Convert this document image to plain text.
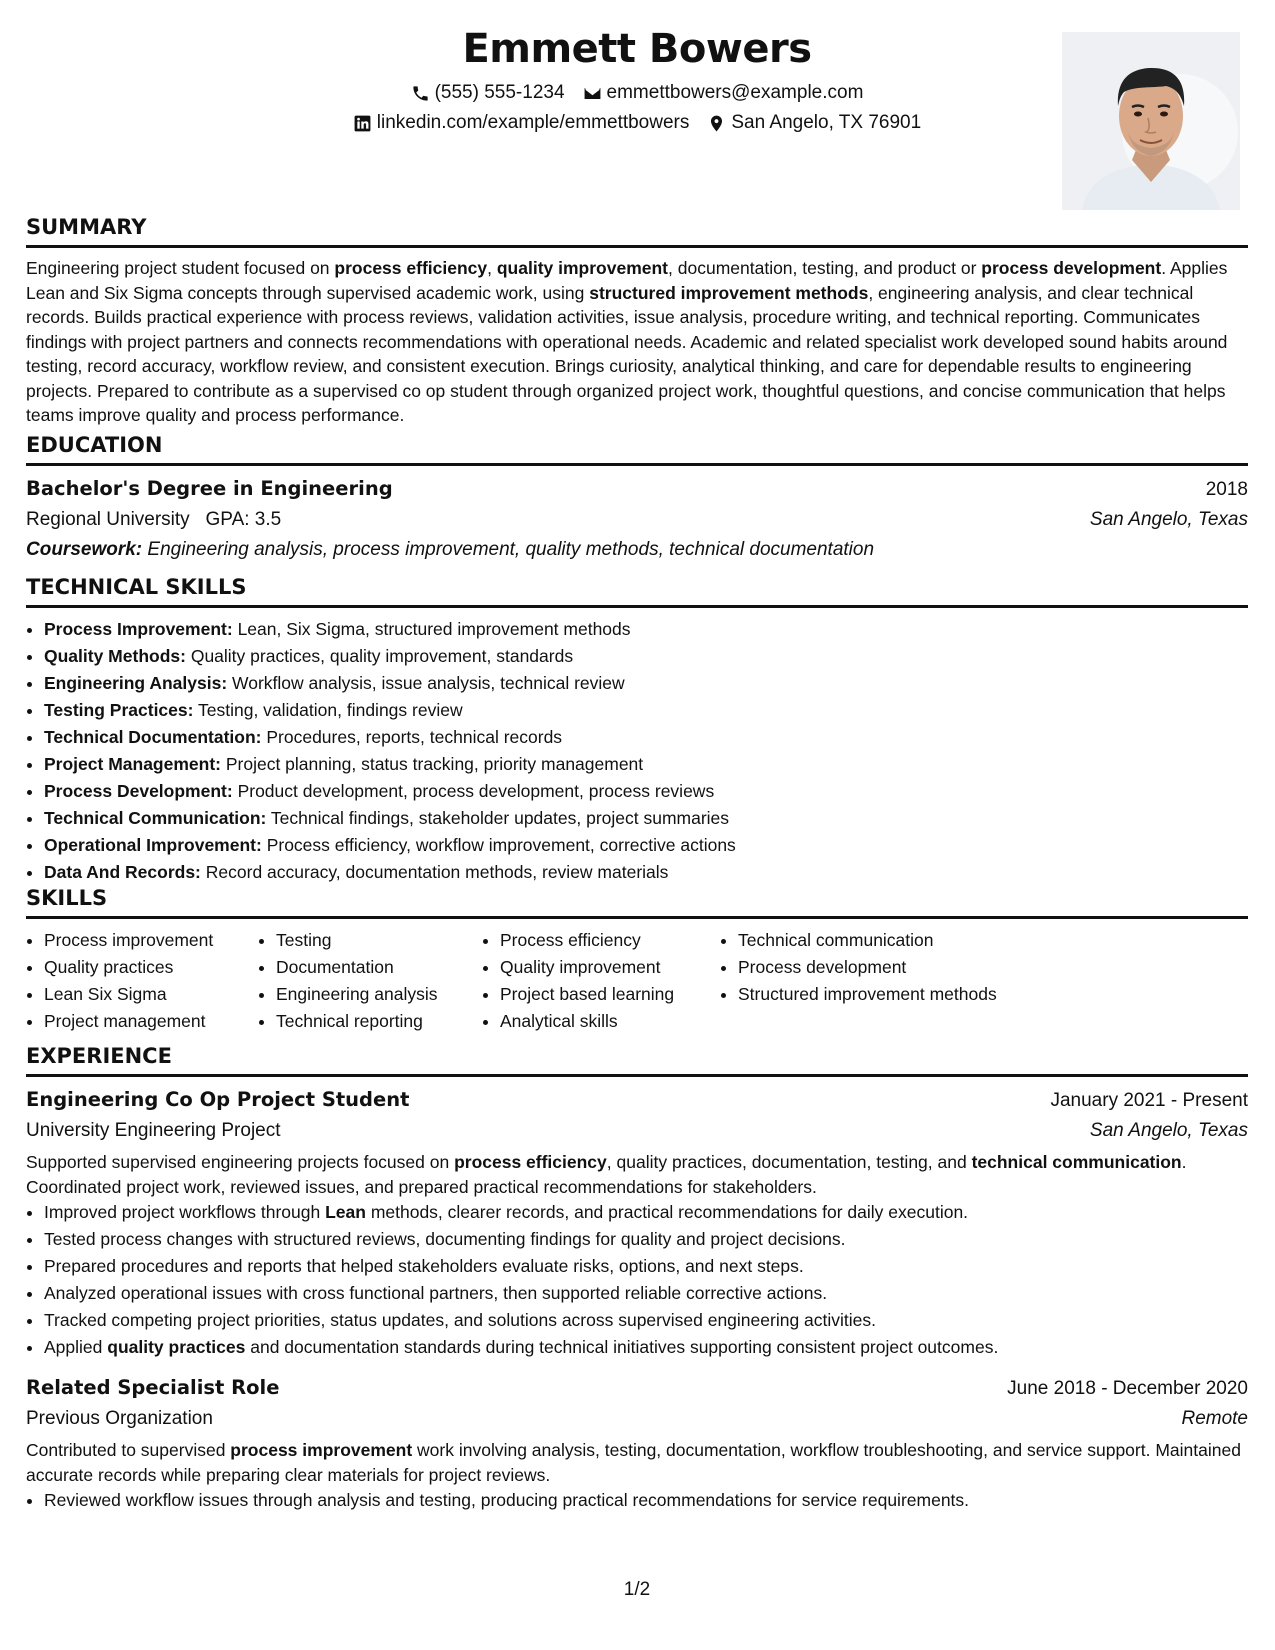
Emmett Bowers
(555) 555-1234 emmettbowers@example.com
linkedin.com/example/emmettbowers San Angelo, TX 76901
SUMMARY

Engineering project student focused on process efficiency, quality improvement, documentation, testing, and product or process development. Applies Lean and Six Sigma concepts through supervised academic work, using structured improvement methods, engineering analysis, and clear technical records. Builds practical experience with process reviews, validation activities, issue analysis, procedure writing, and technical reporting. Communicates findings with project partners and connects recommendations with operational needs. Academic and related specialist work developed sound habits around testing, record accuracy, workflow review, and consistent execution. Brings curiosity, analytical thinking, and care for dependable results to engineering projects. Prepared to contribute as a supervised co op student through organized project work, thoughtful questions, and concise communication that helps teams improve quality and process performance.

EDUCATION
Bachelor's Degree in Engineering	2018
Regional University GPA: 3.5	San Angelo, Texas
Coursework: Engineering analysis, process improvement, quality methods, technical documentation
TECHNICAL SKILLS
• Process Improvement: Lean, Six Sigma, structured improvement methods
• Quality Methods: Quality practices, quality improvement, standards
• Engineering Analysis: Workflow analysis, issue analysis, technical review
• Testing Practices: Testing, validation, findings review
• Technical Documentation: Procedures, reports, technical records
• Project Management: Project planning, status tracking, priority management
• Process Development: Product development, process development, process reviews
• Technical Communication: Technical findings, stakeholder updates, project summaries
• Operational Improvement: Process efficiency, workflow improvement, corrective actions
• Data And Records: Record accuracy, documentation methods, review materials
SKILLS
• Process improvement
• Quality practices
• Lean Six Sigma
• Project management
• Testing
• Documentation
• Engineering analysis
• Technical reporting
• Process efficiency
• Quality improvement
• Project based learning
• Analytical skills
• Technical communication
• Process development
• Structured improvement methods
EXPERIENCE
Engineering Co Op Project Student	January 2021 - Present
University Engineering Project	San Angelo, Texas

Supported supervised engineering projects focused on process efficiency, quality practices, documentation, testing, and technical communication. Coordinated project work, reviewed issues, and prepared practical recommendations for stakeholders.

• Improved project workflows through Lean methods, clearer records, and practical recommendations for daily execution.
• Tested process changes with structured reviews, documenting findings for quality and project decisions.
• Prepared procedures and reports that helped stakeholders evaluate risks, options, and next steps.
• Analyzed operational issues with cross functional partners, then supported reliable corrective actions.
• Tracked competing project priorities, status updates, and solutions across supervised engineering activities.
• Applied quality practices and documentation standards during technical initiatives supporting consistent project outcomes.
Related Specialist Role	June 2018 - December 2020
Previous Organization	Remote

Contributed to supervised process improvement work involving analysis, testing, documentation, workflow troubleshooting, and service support. Maintained accurate records while preparing clear materials for project reviews.

• Reviewed workflow issues through analysis and testing, producing practical recommendations for service requirements.
1/2
